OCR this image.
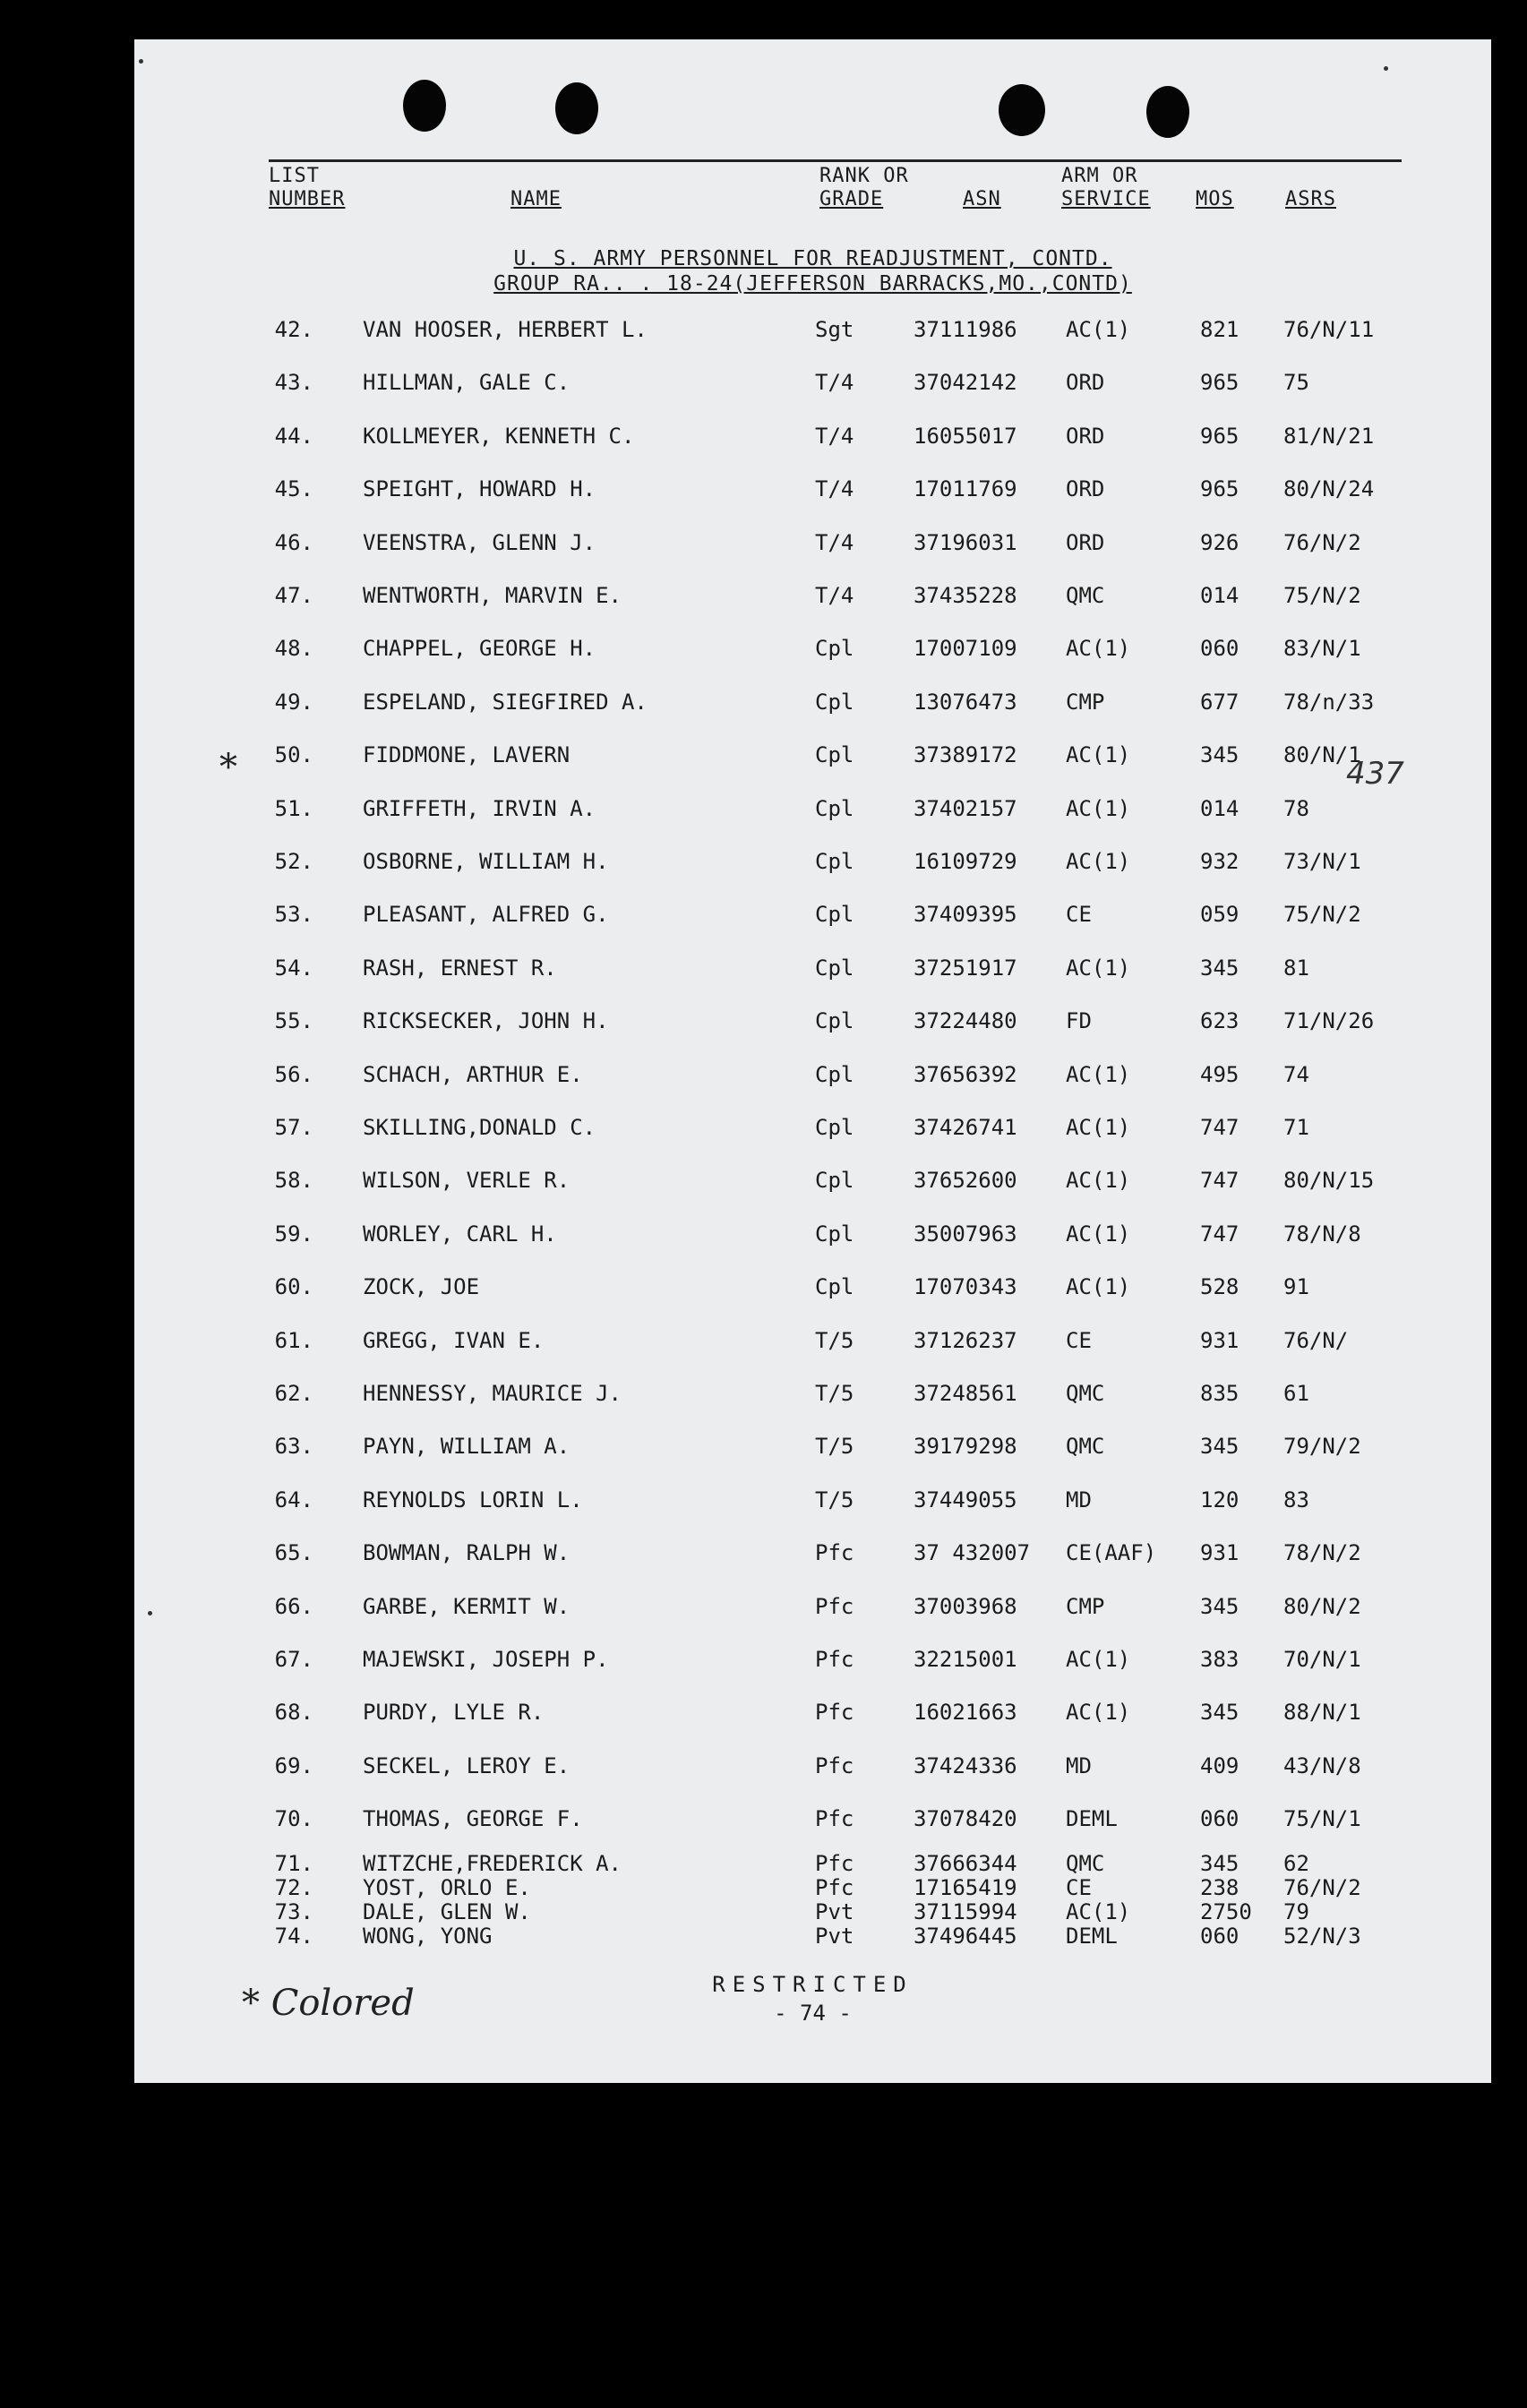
LIST
NUMBER	NAME
RANK OR
GRADE	ASN
ARM OR
SERVICE MOS	ASRS
U. S. ARMY PERSONNEL FOR READJUSTMENT, CONTD.
GROUP RA.. . 18-24(JEFFERSON BARRACKS,MO.,CONTD)
42. VAN HOOSER, HERBERT L.	Sgt	37111986 AC(1)	821 76/N/11
43. HILLMAN, GALE C.	T/4	37042142 ORD	965 75
44. KOLLMEYER, KENNETH C.	T/4	16055017 ORD	965 81/N/21
45. SPEIGHT, HOWARD H.	T/4	17011769 ORD	965 80/N/24
46. VEENSTRA, GLENN J.	T/4	37196031 ORD	926 76/N/2
47. WENTWORTH, MARVIN E.	T/4	37435228 QMC	014 75/N/2
48. CHAPPEL, GEORGE H.	Cpl	17007109 AC(1)	060 83/N/1
49. ESPELAND, SIEGFIRED A.	Cpl	13076473 CMP	677 78/n/33
50. FIDDMONE, LAVERN	Cpl	37389172 AC(1)	345 80/N/1
51. GRIFFETH, IRVIN A.	Cpl	37402157 AC(1)	014 78
52. OSBORNE, WILLIAM H.	Cpl	16109729 AC(1)	932 73/N/1
53. PLEASANT, ALFRED G.	Cpl	37409395 CE	059 75/N/2
54. RASH, ERNEST R.	Cpl	37251917 AC(1)	345 81
55. RICKSECKER, JOHN H.	Cpl	37224480 FD	623 71/N/26
56. SCHACH, ARTHUR E.	Cpl	37656392 AC(1)	495 74
57. SKILLING,DONALD C.	Cpl	37426741 AC(1)	747 71
58. WILSON, VERLE R.	Cpl	37652600 AC(1)	747 80/N/15
59. WORLEY, CARL H.	Cpl	35007963 AC(1)	747 78/N/8
60. ZOCK, JOE	Cpl	17070343 AC(1)	528 91
61. GREGG, IVAN E.	T/5	37126237 CE	931 76/N/
62. HENNESSY, MAURICE J.	T/5	37248561 QMC	835 61
63. PAYN, WILLIAM A.	T/5	39179298 QMC	345 79/N/2
64. REYNOLDS LORIN L.	T/5	37449055 MD	120 83
65. BOWMAN, RALPH W.	Pfc	37 432007 CE(AAF) 931 78/N/2
66. GARBE, KERMIT W.	Pfc	37003968 CMP	345 80/N/2
67. MAJEWSKI, JOSEPH P.	Pfc	32215001 AC(1)	383 70/N/1
68. PURDY, LYLE R.	Pfc	16021663 AC(1)	345 88/N/1
69. SECKEL, LEROY E.	Pfc	37424336 MD	409 43/N/8
70. THOMAS, GEORGE F.	Pfc	37078420 DEML	060 75/N/1
71. WITZCHE,FREDERICK A.	Pfc	37666344 QMC	345 62
72. YOST, ORLO E.	Pfc	17165419 CE	238 76/N/2
73. DALE, GLEN W.	Pvt	37115994 AC(1)	2750 79
74. WONG, YONG	Pvt	37496445 DEML	060 52/N/3
*	437
RESTRICTED
- 74 -
* Colored
